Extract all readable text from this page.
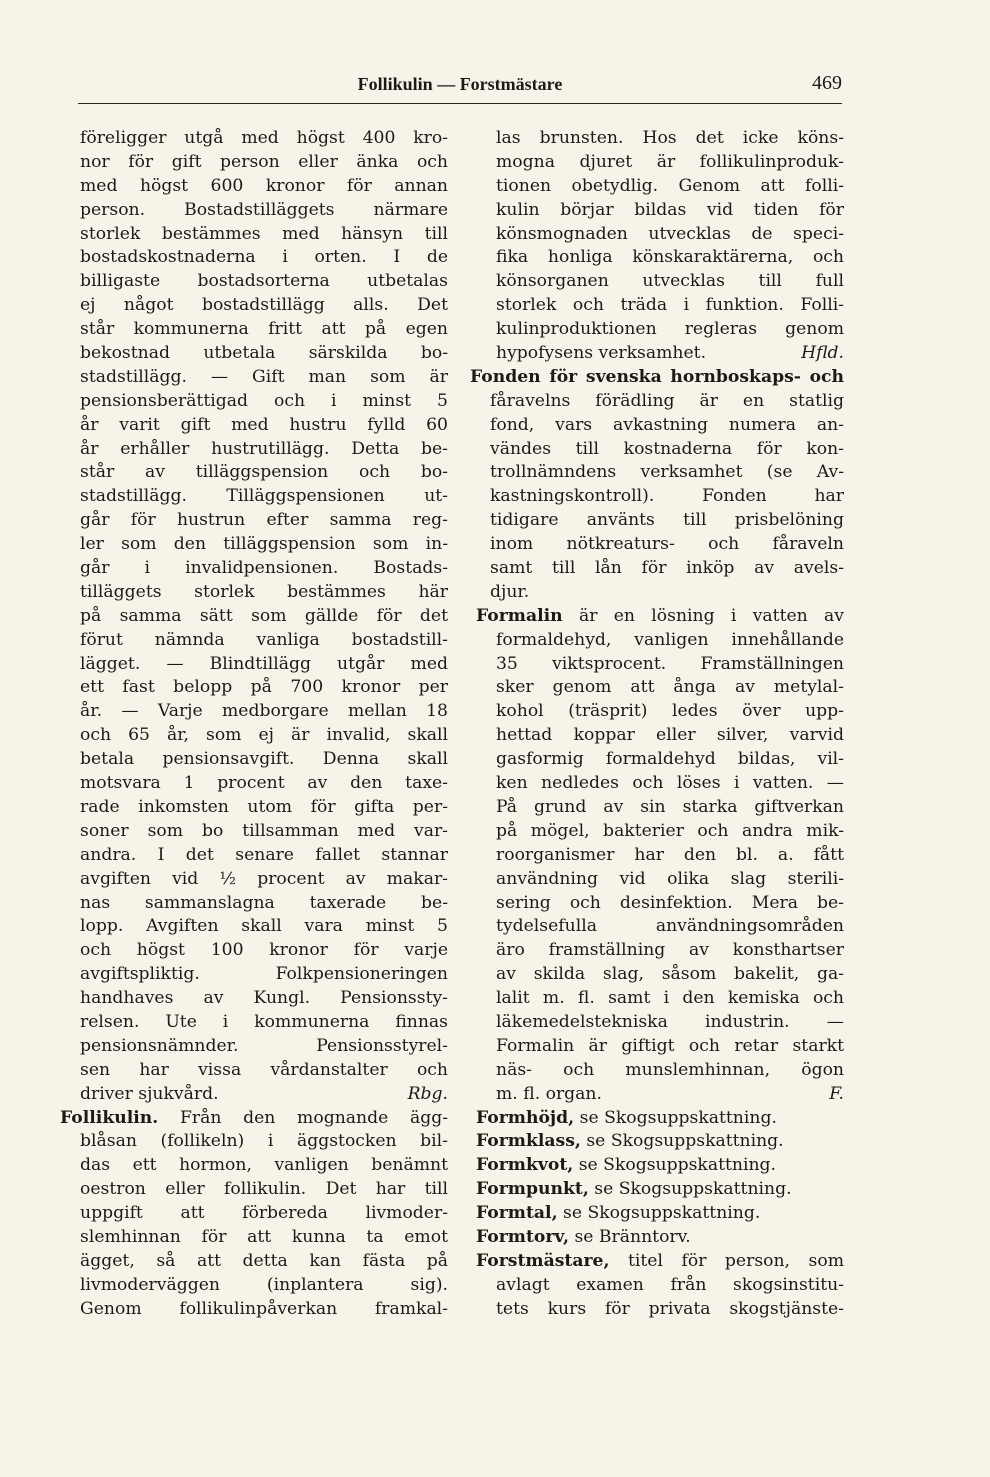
Follikulin — Forstmästare	469
föreligger utgå med högst 400 kro-
nor för gift person eller änka och
med högst 600 kronor för annan
person. Bostadstilläggets närmare
storlek bestämmes med hänsyn till
bostadskostnaderna i orten. I de
billigaste bostadsorterna utbetalas
ej något bostadstillägg alls. Det
står kommunerna fritt att på egen
bekostnad utbetala särskilda bo-
stadstillägg. — Gift man som är
pensionsberättigad och i minst 5
år varit gift med hustru fylld 60
år erhåller hustrutillägg. Detta be-
står av tilläggspension och bo-
stadstillägg. Tilläggspensionen ut-
går för hustrun efter samma reg-
ler som den tilläggspension som in-
går i invalidpensionen. Bostads-
tilläggets storlek bestämmes här
på samma sätt som gällde för det
förut nämnda vanliga bostadstill-
lägget. — Blindtillägg utgår med
ett fast belopp på 700 kronor per
år. — Varje medborgare mellan 18
och 65 år, som ej är invalid, skall
betala pensionsavgift. Denna skall
motsvara 1 procent av den taxe-
rade inkomsten utom för gifta per-
soner som bo tillsamman med var-
andra. I det senare fallet stannar
avgiften vid ½ procent av makar-
nas sammanslagna taxerade be-
lopp. Avgiften skall vara minst 5
och högst 100 kronor för varje
avgiftspliktig. Folkpensioneringen
handhaves av Kungl. Pensionssty-
relsen. Ute i kommunerna finnas
pensionsnämnder. Pensionsstyrel-
sen har vissa vårdanstalter och
driver sjukvård.	Rbg.
Follikulin. Från den mognande ägg-
blåsan (follikeln) i äggstocken bil-
das ett hormon, vanligen benämnt
oestron eller follikulin. Det har till
uppgift att förbereda livmoder-
slemhinnan för att kunna ta emot
ägget, så att detta kan fästa på
livmoderväggen (inplantera sig).
Genom follikulinpåverkan framkal-
las brunsten. Hos det icke köns-
mogna djuret är follikulinproduk-
tionen obetydlig. Genom att folli-
kulin börjar bildas vid tiden för
könsmognaden utvecklas de speci-
fika honliga könskaraktärerna, och
könsorganen utvecklas till full
storlek och träda i funktion. Folli-
kulinproduktionen regleras genom
hypofysens verksamhet.	Hfld.
Fonden för svenska hornboskaps- och
fåravelns förädling är en statlig
fond, vars avkastning numera an-
vändes till kostnaderna för kon-
trollnämndens verksamhet (se Av-
kastningskontroll). Fonden har
tidigare använts till prisbelöning
inom nötkreaturs- och fåraveln
samt till lån för inköp av avels-
djur.
Formalin är en lösning i vatten av
formaldehyd, vanligen innehållande
35 viktsprocent. Framställningen
sker genom att ånga av metylal-
kohol (träsprit) ledes över upp-
hettad koppar eller silver, varvid
gasformig formaldehyd bildas, vil-
ken nedledes och löses i vatten. —
På grund av sin starka giftverkan
på mögel, bakterier och andra mik-
roorganismer har den bl. a. fått
användning vid olika slag sterili-
sering och desinfektion. Mera be-
tydelsefulla användningsområden
äro framställning av konsthartser
av skilda slag, såsom bakelit, ga-
lalit m. fl. samt i den kemiska och
läkemedelstekniska industrin. —
Formalin är giftigt och retar starkt
näs- och munslemhinnan, ögon
m. fl. organ.	F.
Formhöjd, se Skogsuppskattning.
Formklass, se Skogsuppskattning.
Formkvot, se Skogsuppskattning.
Formpunkt, se Skogsuppskattning.
Formtal, se Skogsuppskattning.
Formtorv, se Bränntorv.
Forstmästare, titel för person, som
avlagt examen från skogsinstitu-
tets kurs för privata skogstjänste-
